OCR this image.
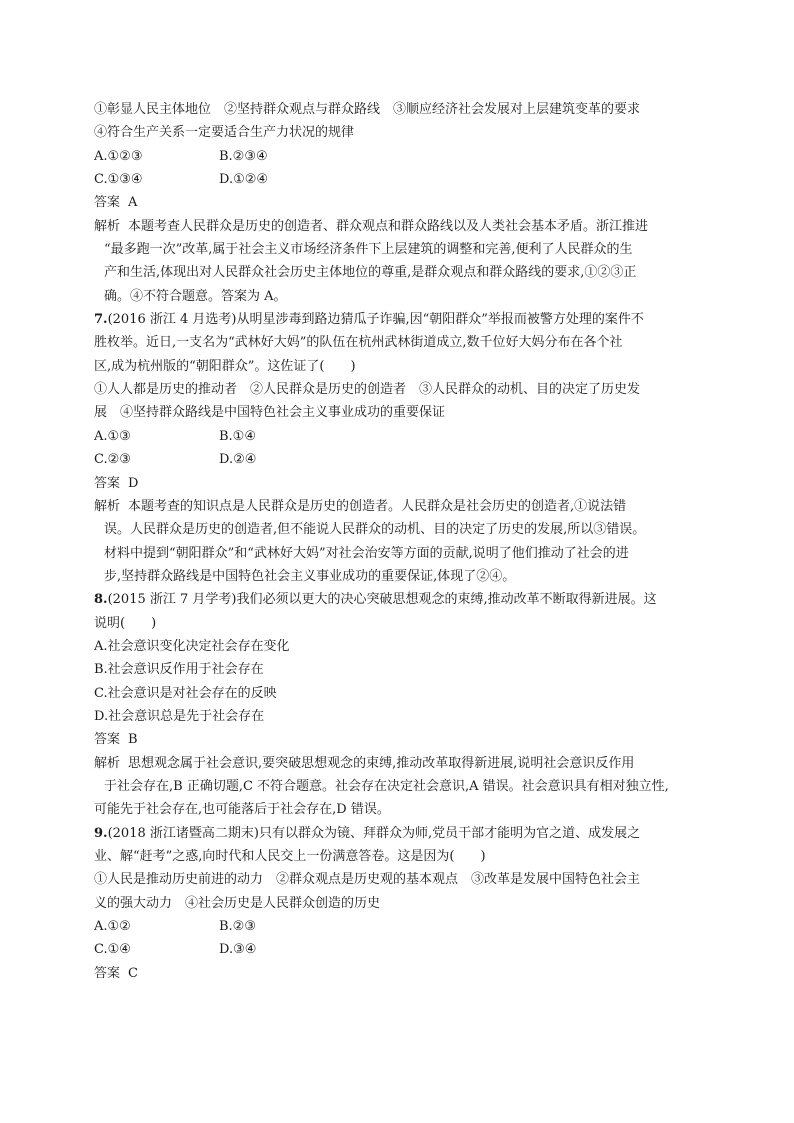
①彰显人民主体地位　②坚持群众观点与群众路线　③顺应经济社会发展对上层建筑变革的要求
④符合生产关系一定要适合生产力状况的规律
A.①②③	B.②③④
C.①③④	D.①②④
答案 A
解析 本题考查人民群众是历史的创造者、群众观点和群众路线以及人类社会基本矛盾。浙江推进
“最多跑一次”改革,属于社会主义市场经济条件下上层建筑的调整和完善,便利了人民群众的生
产和生活,体现出对人民群众社会历史主体地位的尊重,是群众观点和群众路线的要求,①②③正
确。④不符合题意。答案为 A。
7.(2016 浙江 4 月选考)从明星涉毒到路边猜瓜子诈骗,因“朝阳群众”举报而被警方处理的案件不
胜枚举。近日,一支名为“武林好大妈”的队伍在杭州武林街道成立,数千位好大妈分布在各个社
区,成为杭州版的“朝阳群众”。这佐证了(　　)
①人人都是历史的推动者　②人民群众是历史的创造者　③人民群众的动机、目的决定了历史发
展　④坚持群众路线是中国特色社会主义事业成功的重要保证
A.①③	B.①④
C.②③	D.②④
答案 D
解析 本题考查的知识点是人民群众是历史的创造者。人民群众是社会历史的创造者,①说法错
误。人民群众是历史的创造者,但不能说人民群众的动机、目的决定了历史的发展,所以③错误。
材料中提到“朝阳群众”和“武林好大妈”对社会治安等方面的贡献,说明了他们推动了社会的进
步,坚持群众路线是中国特色社会主义事业成功的重要保证,体现了②④。
8.(2015 浙江 7 月学考)我们必须以更大的决心突破思想观念的束缚,推动改革不断取得新进展。这
说明(　　)
A.社会意识变化决定社会存在变化
B.社会意识反作用于社会存在
C.社会意识是对社会存在的反映
D.社会意识总是先于社会存在
答案 B
解析 思想观念属于社会意识,要突破思想观念的束缚,推动改革取得新进展,说明社会意识反作用
于社会存在,B 正确切题,C 不符合题意。社会存在决定社会意识,A 错误。社会意识具有相对独立性,
可能先于社会存在,也可能落后于社会存在,D 错误。
9.(2018 浙江诸暨高二期末)只有以群众为镜、拜群众为师,党员干部才能明为官之道、成发展之
业、解“赶考”之惑,向时代和人民交上一份满意答卷。这是因为(　　)
①人民是推动历史前进的动力　②群众观点是历史观的基本观点　③改革是发展中国特色社会主
义的强大动力　④社会历史是人民群众创造的历史
A.①②	B.②③
C.①④	D.③④
答案 C
